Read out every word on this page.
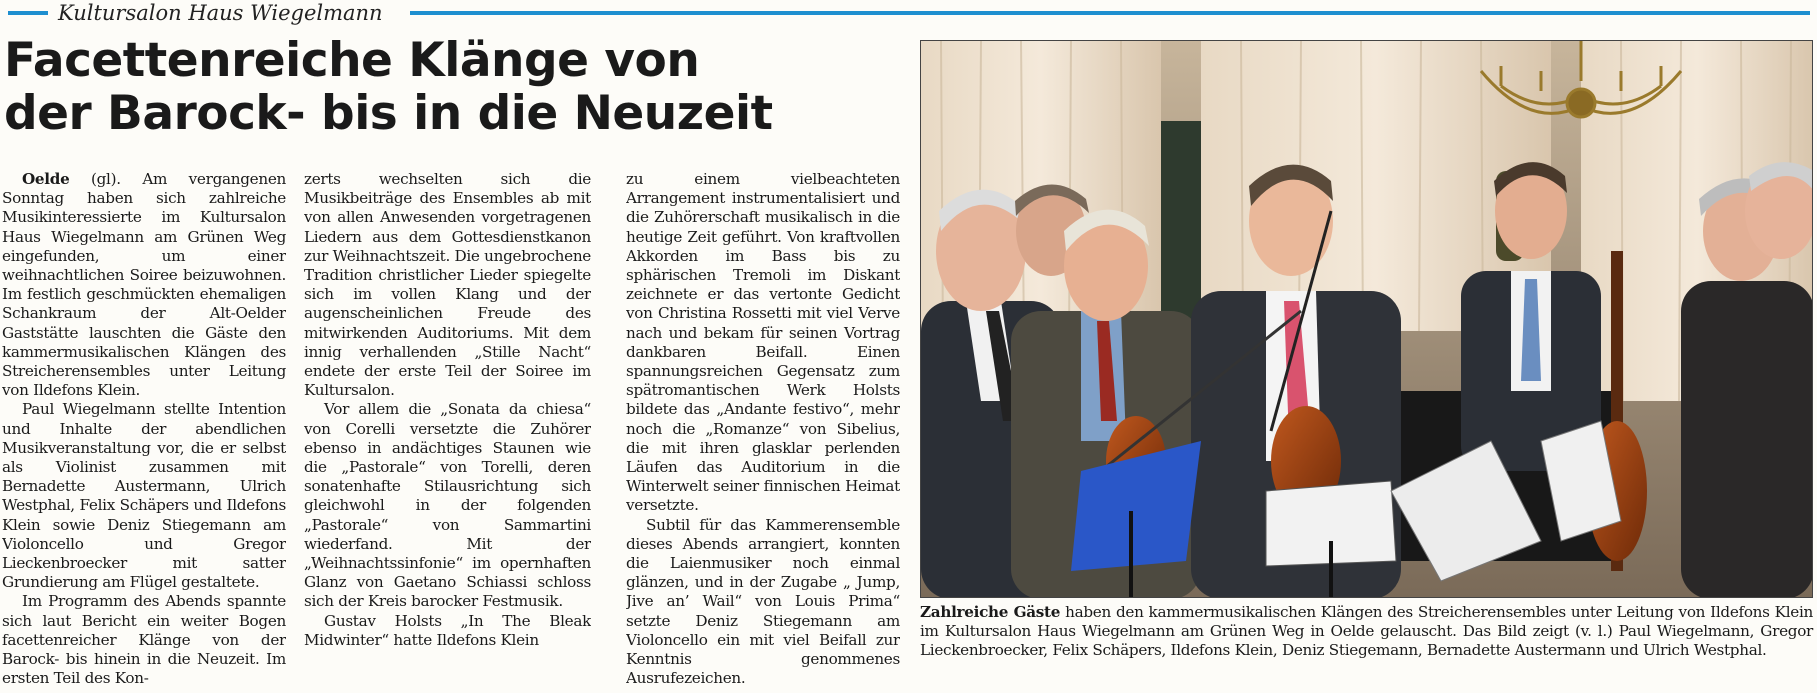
Kultursalon Haus Wiegelmann
Facettenreiche Klänge von
der Barock- bis in die Neuzeit

Oelde (gl). Am vergangenen Sonntag haben sich zahlreiche Musikinteressierte im Kultursalon Haus Wiegelmann am Grünen Weg eingefunden, um einer weihnachtlichen Soiree beizuwohnen. Im festlich geschmückten ehemaligen Schankraum der Alt-Oelder Gaststätte lauschten die Gäste den kammermusikalischen Klängen des Streicherensembles unter Leitung von Ildefons Klein.

Paul Wiegelmann stellte Intention und Inhalte der abendlichen Musikveranstaltung vor, die er selbst als Violinist zusammen mit Bernadette Austermann, Ulrich Westphal, Felix Schäpers und Ildefons Klein sowie Deniz Stiegemann am Violoncello und Gregor Lieckenbroecker mit satter Grundierung am Flügel gestaltete.

Im Programm des Abends spannte sich laut Bericht ein weiter Bogen facettenreicher Klänge von der Barock- bis hinein in die Neuzeit. Im ersten Teil des Kon-

zerts wechselten sich die Musikbeiträge des Ensembles ab mit von allen Anwesenden vorgetragenen Liedern aus dem Gottesdienstkanon zur Weihnachtszeit. Die ungebrochene Tradition christlicher Lieder spiegelte sich im vollen Klang und der augenscheinlichen Freude des mitwirkenden Auditoriums. Mit dem innig verhallenden „Stille Nacht“ endete der erste Teil der Soiree im Kultursalon.

Vor allem die „Sonata da chiesa“ von Corelli versetzte die Zuhörer ebenso in andächtiges Staunen wie die „Pastorale“ von Torelli, deren sonatenhafte Stilausrichtung sich gleichwohl in der folgenden „Pastorale“ von Sammartini wiederfand. Mit der „Weihnachtssinfonie“ im opernhaften Glanz von Gaetano Schiassi schloss sich der Kreis barocker Festmusik.

Gustav Holsts „In The Bleak Midwinter“ hatte Ildefons Klein

zu einem vielbeachteten Arrangement instrumentalisiert und die Zuhörerschaft musikalisch in die heutige Zeit geführt. Von kraftvollen Akkorden im Bass bis zu sphärischen Tremoli im Diskant zeichnete er das vertonte Gedicht von Christina Rossetti mit viel Verve nach und bekam für seinen Vortrag dankbaren Beifall. Einen spannungsreichen Gegensatz zum spätromantischen Werk Holsts bildete das „Andante festivo“, mehr noch die „Romanze“ von Sibelius, die mit ihren glasklar perlenden Läufen das Auditorium in die Winterwelt seiner finnischen Heimat versetzte.

Subtil für das Kammerensemble dieses Abends arrangiert, konnten die Laienmusiker noch einmal glänzen, und in der Zugabe „ Jump, Jive an’ Wail“ von Louis Prima“ setzte Deniz Stiegemann am Violoncello ein mit viel Beifall zur Kenntnis genommenes Ausrufezeichen.

Zahlreiche Gäste haben den kammermusikalischen Klängen des Streicherensembles unter Leitung von Ildefons Klein im Kultursalon Haus Wiegelmann am Grünen Weg in Oelde gelauscht. Das Bild zeigt (v. l.) Paul Wiegelmann, Gregor Lieckenbroecker, Felix Schäpers, Ildefons Klein, Deniz Stiegemann, Bernadette Austermann und Ulrich Westphal.
